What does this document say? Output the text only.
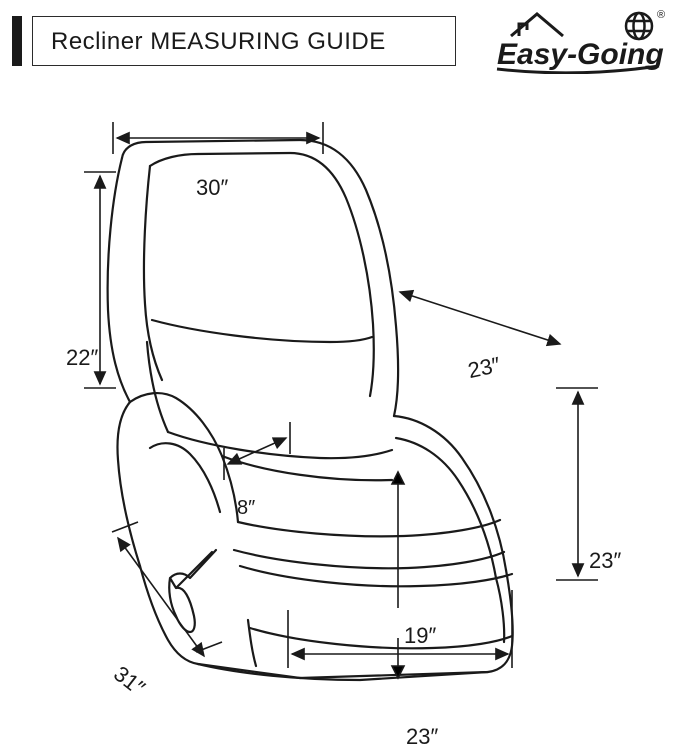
Recliner MEASURING GUIDE
®
Easy-Going
30″
22″	23″
8″
23″
19″
31″
23″
